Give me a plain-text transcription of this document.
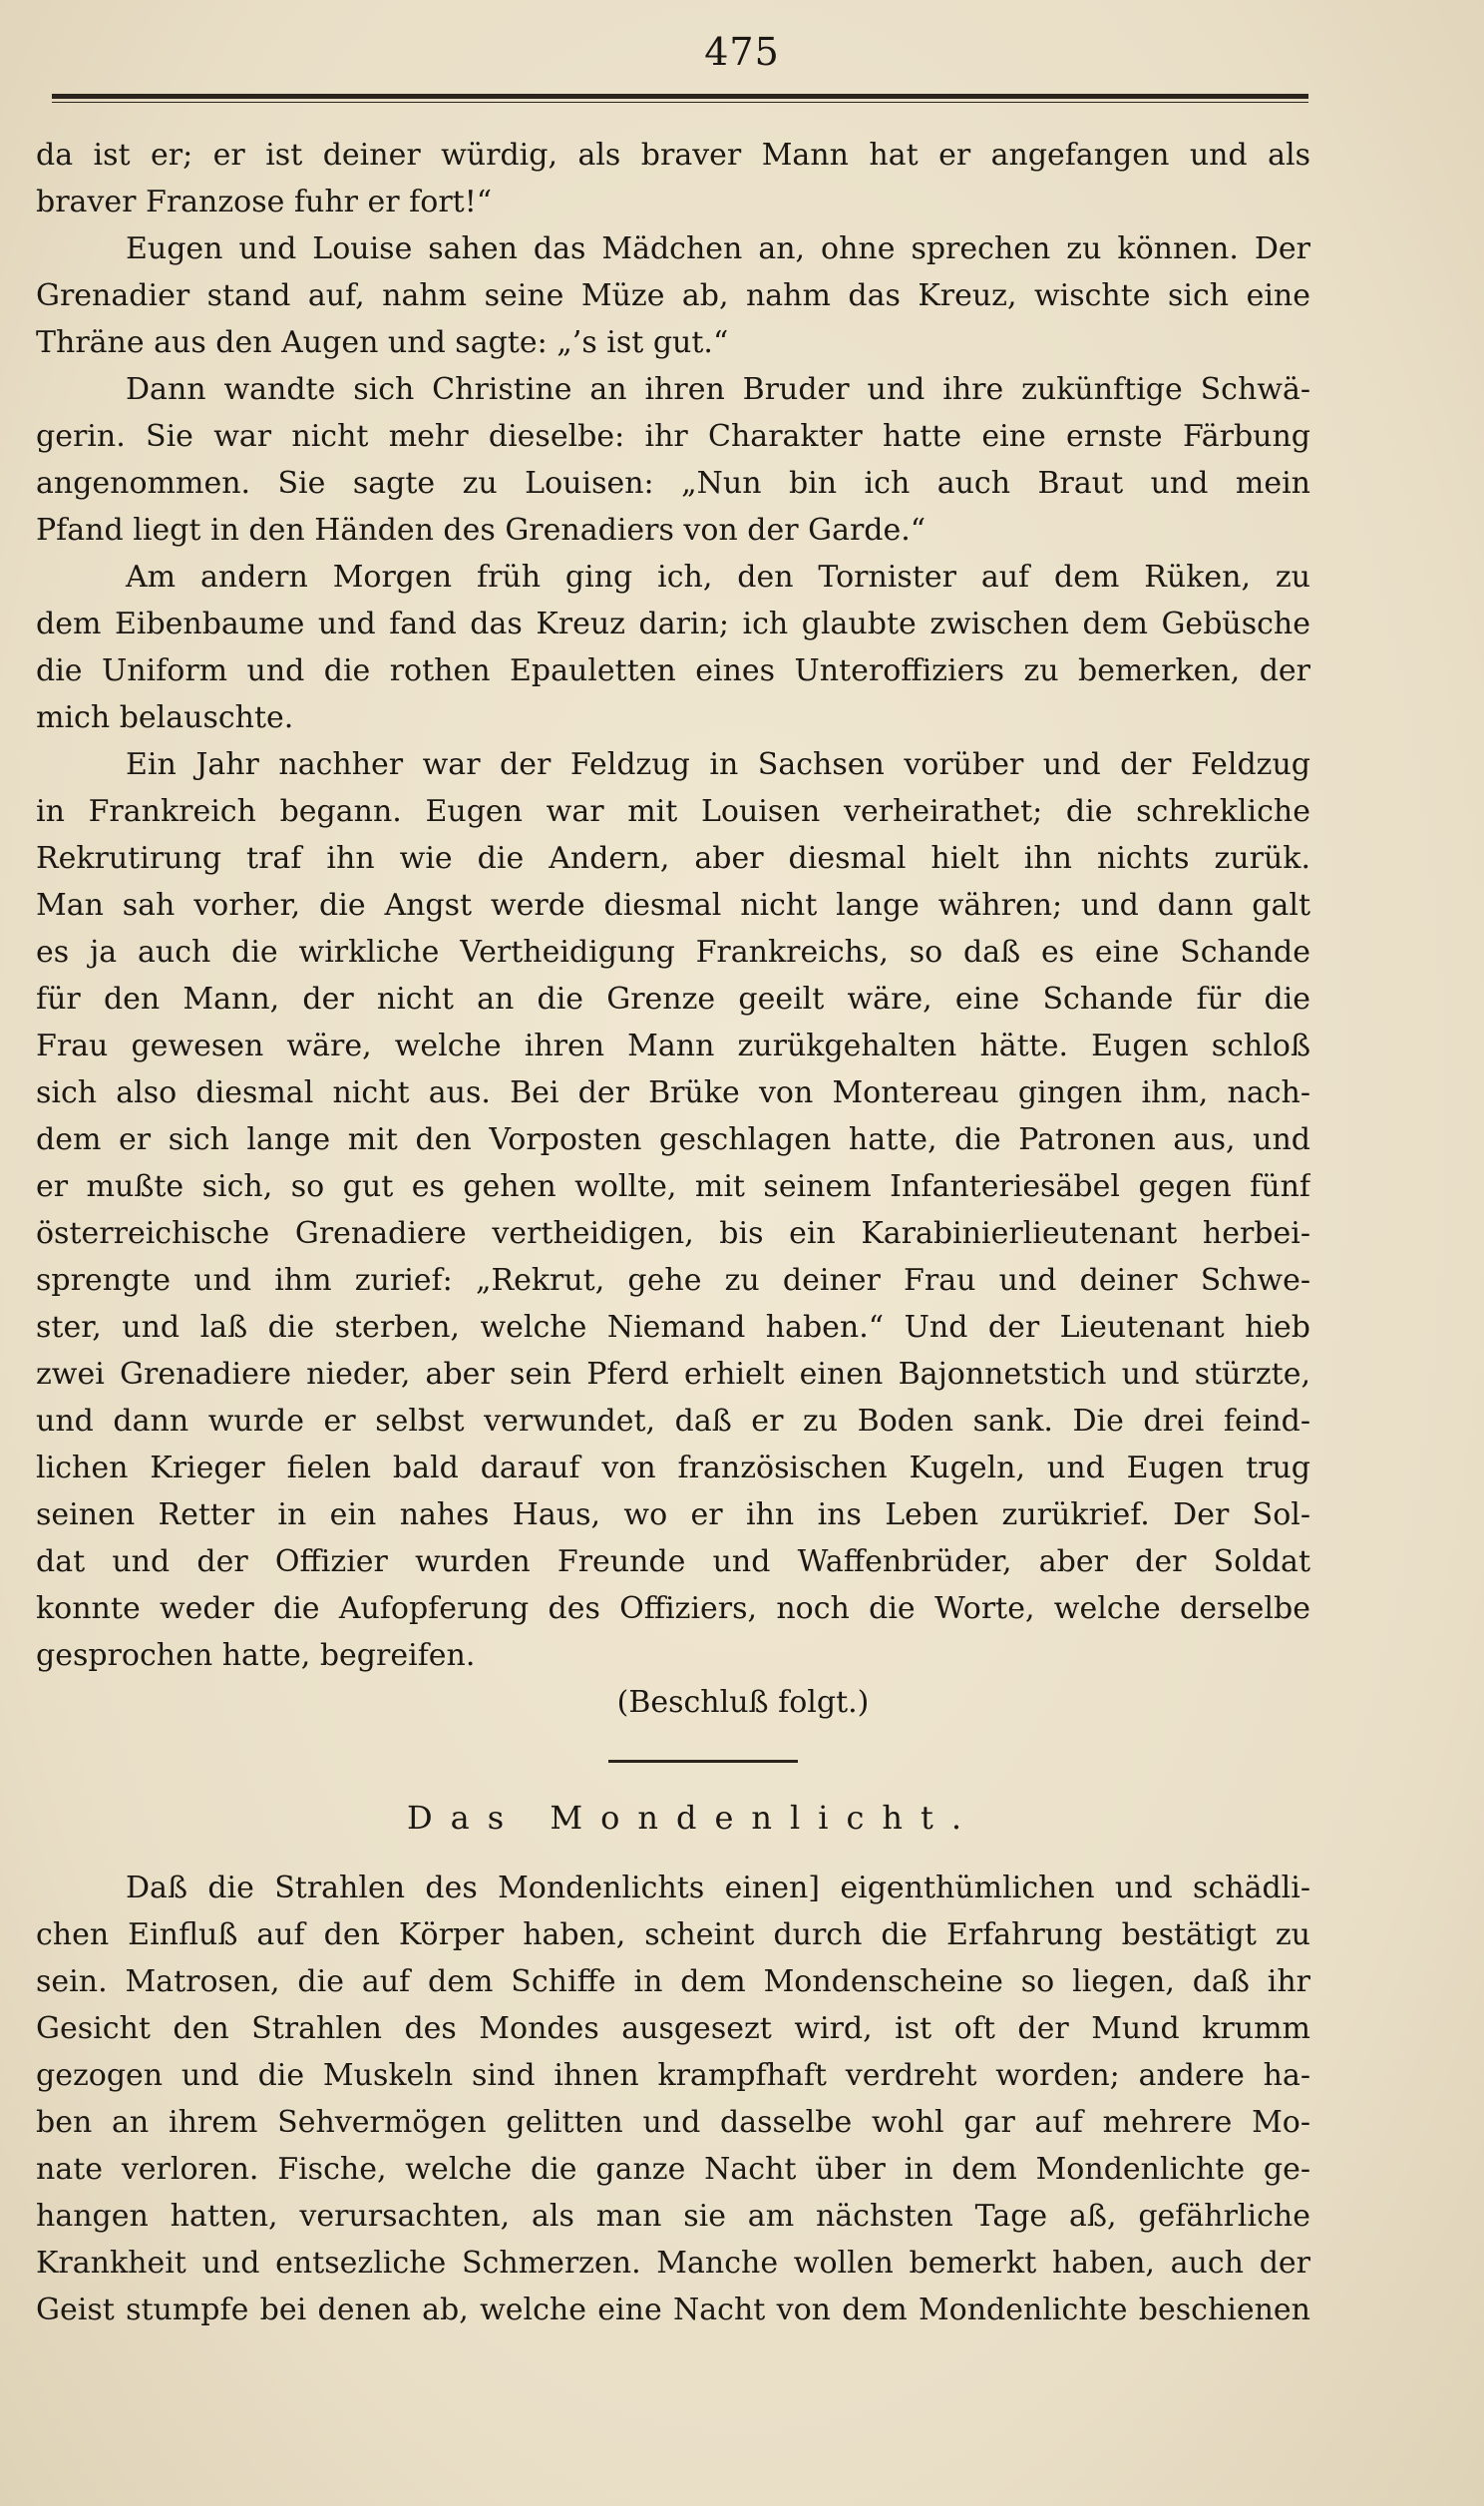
475
da ist er; er ist deiner würdig, als braver Mann hat er angefangen und als
braver Franzose fuhr er fort!“
Eugen und Louise sahen das Mädchen an, ohne sprechen zu können. Der
Grenadier stand auf, nahm seine Müze ab, nahm das Kreuz, wischte sich eine
Thräne aus den Augen und sagte: „’s ist gut.“
Dann wandte sich Christine an ihren Bruder und ihre zukünftige Schwä-
gerin. Sie war nicht mehr dieselbe: ihr Charakter hatte eine ernste Färbung
angenommen. Sie sagte zu Louisen: „Nun bin ich auch Braut und mein
Pfand liegt in den Händen des Grenadiers von der Garde.“
Am andern Morgen früh ging ich, den Tornister auf dem Rüken, zu
dem Eibenbaume und fand das Kreuz darin; ich glaubte zwischen dem Gebüsche
die Uniform und die rothen Epauletten eines Unteroffiziers zu bemerken, der
mich belauschte.
Ein Jahr nachher war der Feldzug in Sachsen vorüber und der Feldzug
in Frankreich begann. Eugen war mit Louisen verheirathet; die schrekliche
Rekrutirung traf ihn wie die Andern, aber diesmal hielt ihn nichts zurük.
Man sah vorher, die Angst werde diesmal nicht lange währen; und dann galt
es ja auch die wirkliche Vertheidigung Frankreichs, so daß es eine Schande
für den Mann, der nicht an die Grenze geeilt wäre, eine Schande für die
Frau gewesen wäre, welche ihren Mann zurükgehalten hätte. Eugen schloß
sich also diesmal nicht aus. Bei der Brüke von Montereau gingen ihm, nach-
dem er sich lange mit den Vorposten geschlagen hatte, die Patronen aus, und
er mußte sich, so gut es gehen wollte, mit seinem Infanteriesäbel gegen fünf
österreichische Grenadiere vertheidigen, bis ein Karabinierlieutenant herbei-
sprengte und ihm zurief: „Rekrut, gehe zu deiner Frau und deiner Schwe-
ster, und laß die sterben, welche Niemand haben.“ Und der Lieutenant hieb
zwei Grenadiere nieder, aber sein Pferd erhielt einen Bajonnetstich und stürzte,
und dann wurde er selbst verwundet, daß er zu Boden sank. Die drei feind-
lichen Krieger fielen bald darauf von französischen Kugeln, und Eugen trug
seinen Retter in ein nahes Haus, wo er ihn ins Leben zurükrief. Der Sol-
dat und der Offizier wurden Freunde und Waffenbrüder, aber der Soldat
konnte weder die Aufopferung des Offiziers, noch die Worte, welche derselbe
gesprochen hatte, begreifen.
(Beschluß folgt.)
Das Mondenlicht.
Daß die Strahlen des Mondenlichts einen] eigenthümlichen und schädli-
chen Einfluß auf den Körper haben, scheint durch die Erfahrung bestätigt zu
sein. Matrosen, die auf dem Schiffe in dem Mondenscheine so liegen, daß ihr
Gesicht den Strahlen des Mondes ausgesezt wird, ist oft der Mund krumm
gezogen und die Muskeln sind ihnen krampfhaft verdreht worden; andere ha-
ben an ihrem Sehvermögen gelitten und dasselbe wohl gar auf mehrere Mo-
nate verloren. Fische, welche die ganze Nacht über in dem Mondenlichte ge-
hangen hatten, verursachten, als man sie am nächsten Tage aß, gefährliche
Krankheit und entsezliche Schmerzen. Manche wollen bemerkt haben, auch der
Geist stumpfe bei denen ab, welche eine Nacht von dem Mondenlichte beschienen
